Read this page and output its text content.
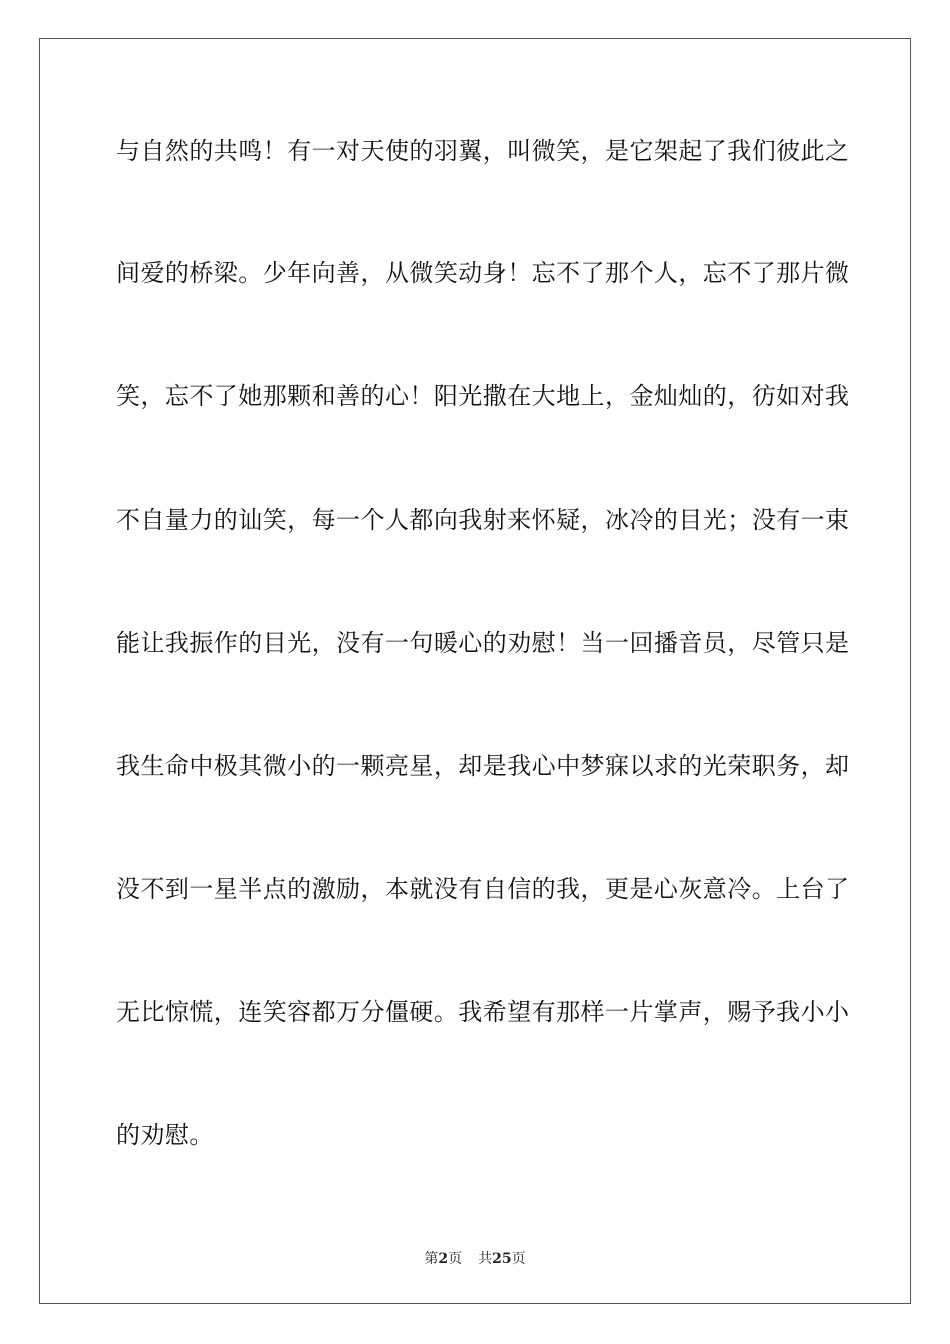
与自然的共鸣！有一对天使的羽翼，叫微笑，是它架起了我们彼此之
间爱的桥梁。少年向善，从微笑动身！忘不了那个人，忘不了那片微
笑，忘不了她那颗和善的心！阳光撒在大地上，金灿灿的，彷如对我
不自量力的讪笑，每一个人都向我射来怀疑，冰冷的目光；没有一束
能让我振作的目光，没有一句暖心的劝慰！当一回播音员，尽管只是
我生命中极其微小的一颗亮星，却是我心中梦寐以求的光荣职务，却
没不到一星半点的激励，本就没有自信的我，更是心灰意冷。上台了
无比惊慌，连笑容都万分僵硬。我希望有那样一片掌声，赐予我小小
的劝慰。
第2页 共25页
